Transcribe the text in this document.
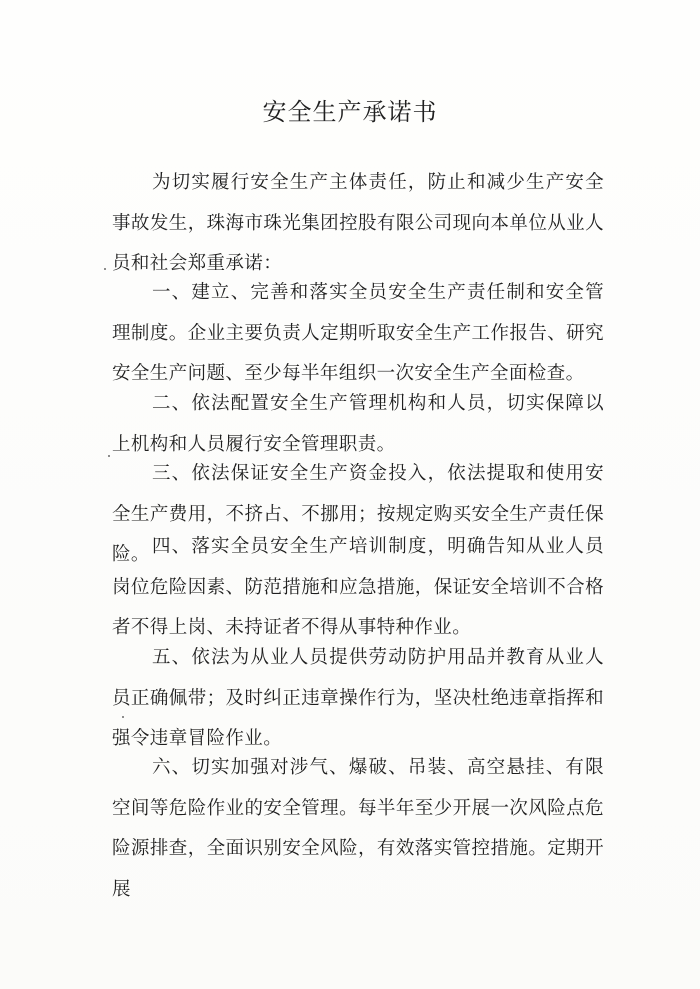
安全生产承诺书

为切实履行安全生产主体责任，防止和减少生产安全事故发生，珠海市珠光集团控股有限公司现向本单位从业人员和社会郑重承诺：

一、建立、完善和落实全员安全生产责任制和安全管理制度。企业主要负责人定期听取安全生产工作报告、研究安全生产问题、至少每半年组织一次安全生产全面检查。

二、依法配置安全生产管理机构和人员，切实保障以上机构和人员履行安全管理职责。

三、依法保证安全生产资金投入，依法提取和使用安全生产费用，不挤占、不挪用；按规定购买安全生产责任保险。 四、落实全员安全生产培训制度，明确告知从业人员岗位危险因素、防范措施和应急措施，保证安全培训不合格者不得上岗、未持证者不得从事特种作业。

五、依法为从业人员提供劳动防护用品并教育从业人员正确佩带；及时纠正违章操作行为，坚决杜绝违章指挥和强令违章冒险作业。

六、切实加强对涉气、爆破、吊装、高空悬挂、有限空间等危险作业的安全管理。每半年至少开展一次风险点危险源排查，全面识别安全风险，有效落实管控措施。定期开展
